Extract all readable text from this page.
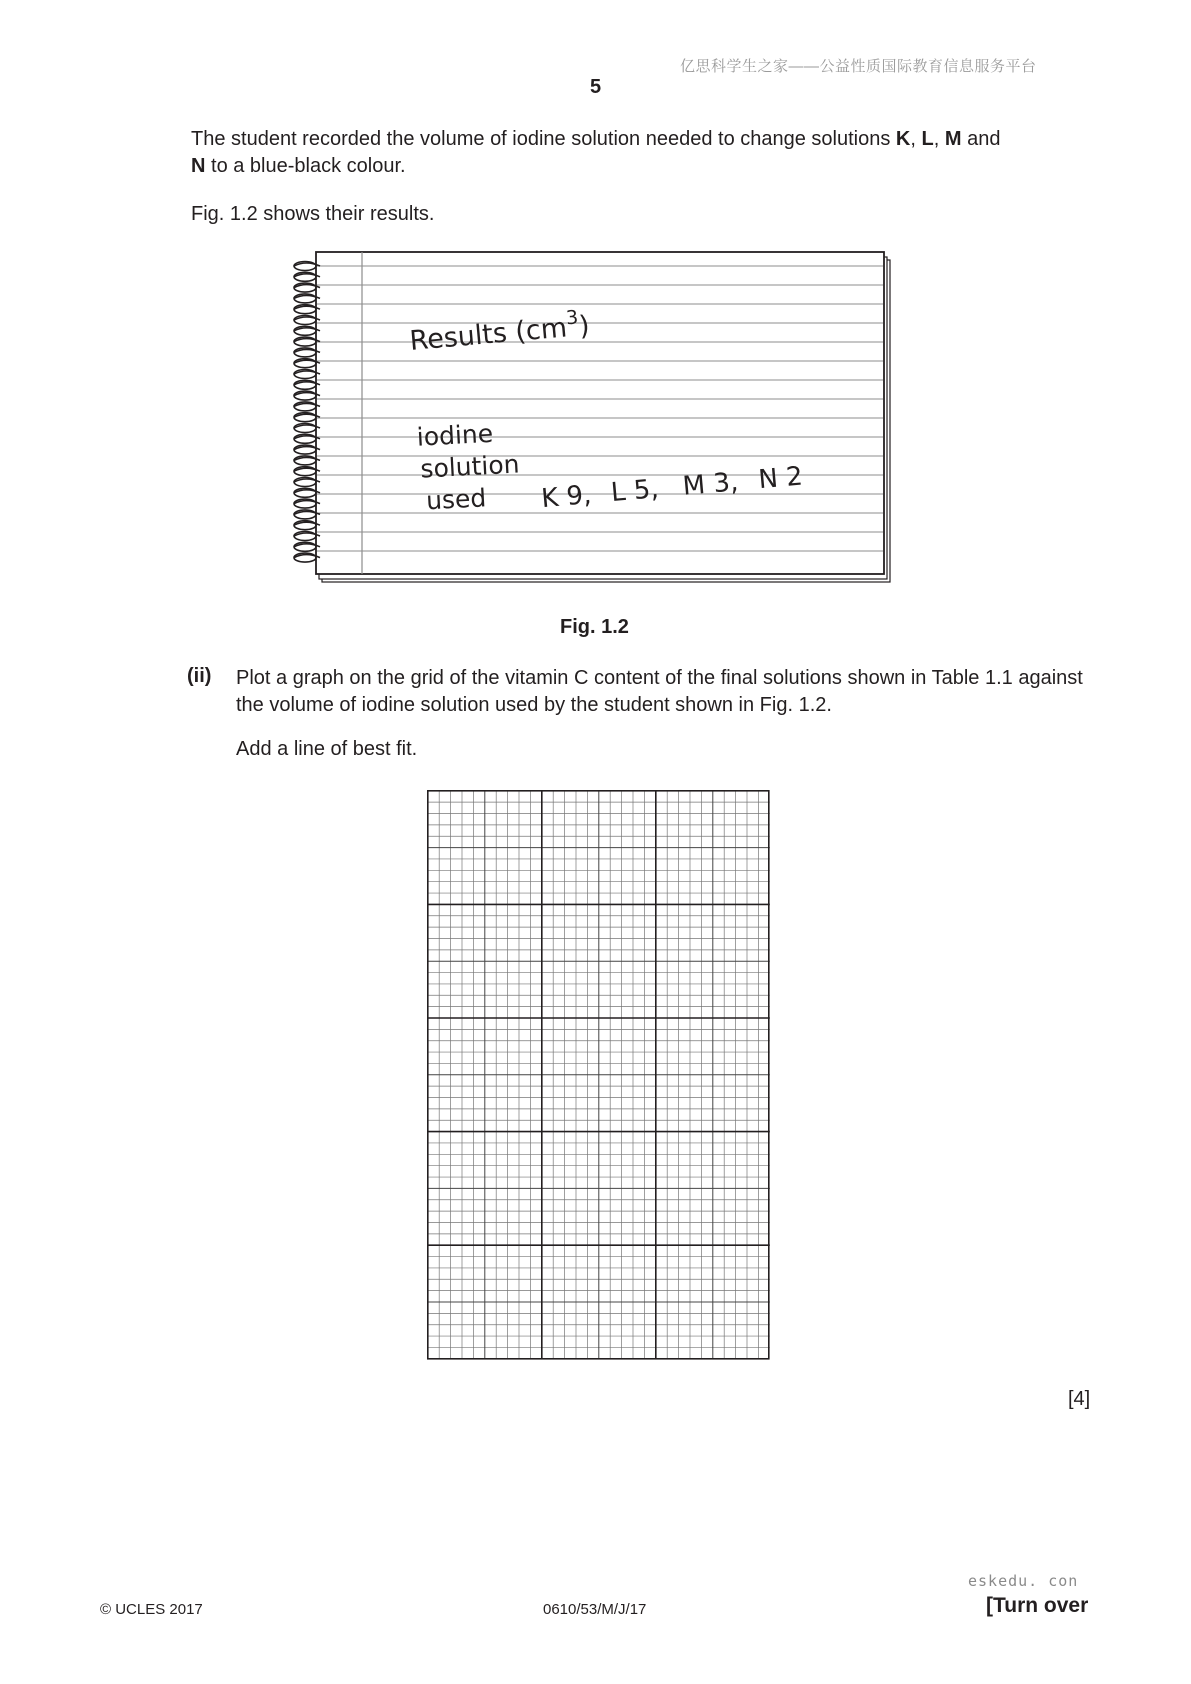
亿思科学生之家——公益性质国际教育信息服务平台
5
The student recorded the volume of iodine solution needed to change solutions K, L, M and
N to a blue-black colour.
Fig. 1.2 shows their results.
Results $(cm^3)$
iodine
solution
used K 9, L 5, M 3, N 2
Fig. 1.2
(ii) Plot a graph on the grid of the vitamin C content of the final solutions shown in Table 1.1 against the volume of iodine solution used by the student shown in Fig. 1.2.
Add a line of best fit.
[4]
eskedu. con
© UCLES 2017	0610/53/M/J/17	[Turn over
